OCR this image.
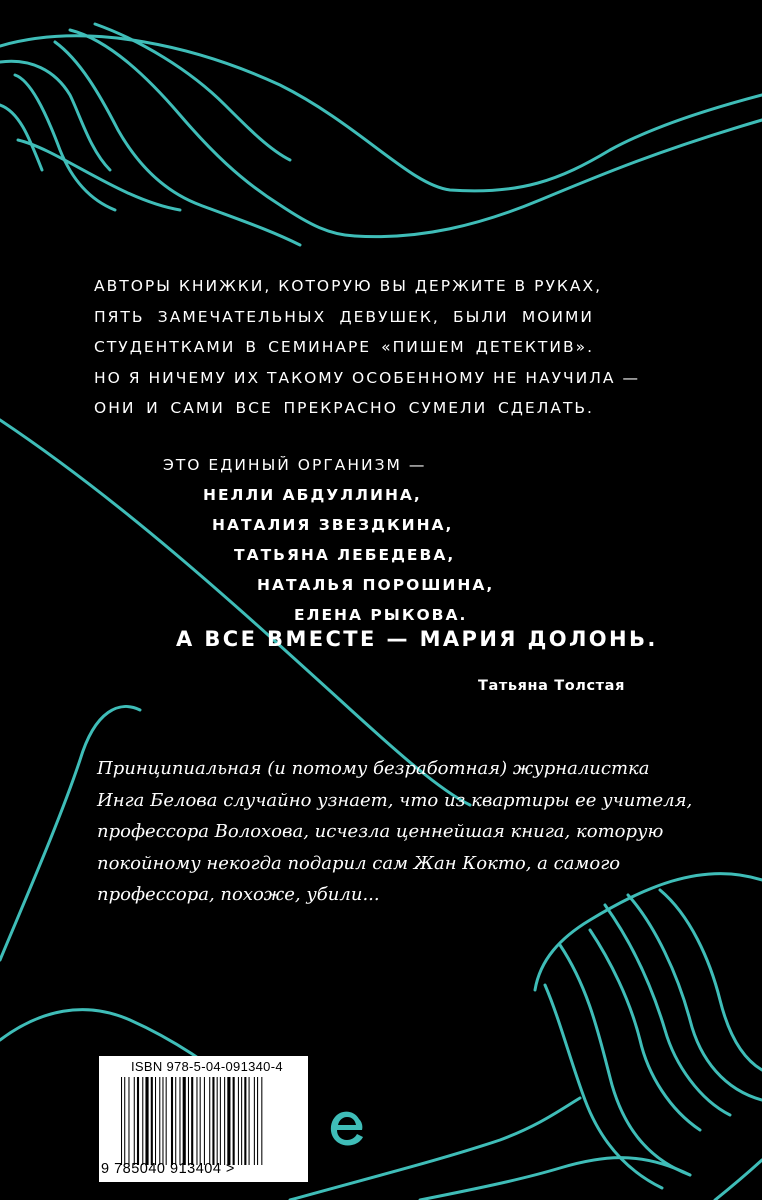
АВТОРЫ КНИЖКИ, КОТОРУЮ ВЫ ДЕРЖИТЕ В РУКАХ,
ПЯТЬ ЗАМЕЧАТЕЛЬНЫХ ДЕВУШЕК, БЫЛИ МОИМИ
СТУДЕНТКАМИ В СЕМИНАРЕ «ПИШЕМ ДЕТЕКТИВ».
НО Я НИЧЕМУ ИХ ТАКОМУ ОСОБЕННОМУ НЕ НАУЧИЛА —
ОНИ И САМИ ВСЕ ПРЕКРАСНО СУМЕЛИ СДЕЛАТЬ.
ЭТО ЕДИНЫЙ ОРГАНИЗМ —
НЕЛЛИ АБДУЛЛИНА,
НАТАЛИЯ ЗВЕЗДКИНА,
ТАТЬЯНА ЛЕБЕДЕВА,
НАТАЛЬЯ ПОРОШИНА,
ЕЛЕНА РЫКОВА.
А ВСЕ ВМЕСТЕ — МАРИЯ ДОЛОНЬ.
Татьяна Толстая
Принципиальная (и потому безработная) журналистка
Инга Белова случайно узнает, что из квартиры ее учителя,
профессора Волохова, исчезла ценнейшая книга, которую
покойному некогда подарил сам Жан Кокто, а самого
профессора, похоже, убили...
ISBN 978-5-04-091340-4
9 785040 913404 >
